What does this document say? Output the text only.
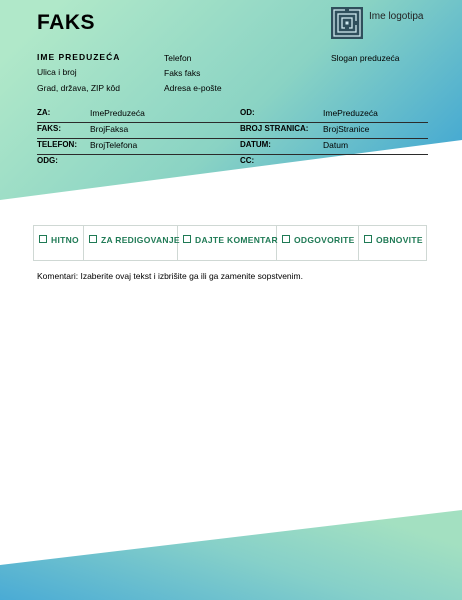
FAKS	Ime logotipa
IME PREDUZEĆA
Ulica i broj
Grad, država, ZIP kôd
Telefon
Faks faks
Adresa e-pošte
Slogan preduzeća
ZA:	ImePreduzeća	OD:	ImePreduzeća
FAKS:	BrojFaksa	BROJ STRANICA: BrojStranice
TELEFON: BrojTelefona	DATUM:	Datum
ODG:	CC:
HITNO	ZA REDIGOVANJE	DAJTE KOMENTAR	ODGOVORITE	OBNOVITE
Komentari: Izaberite ovaj tekst i izbrišite ga ili ga zamenite sopstvenim.
